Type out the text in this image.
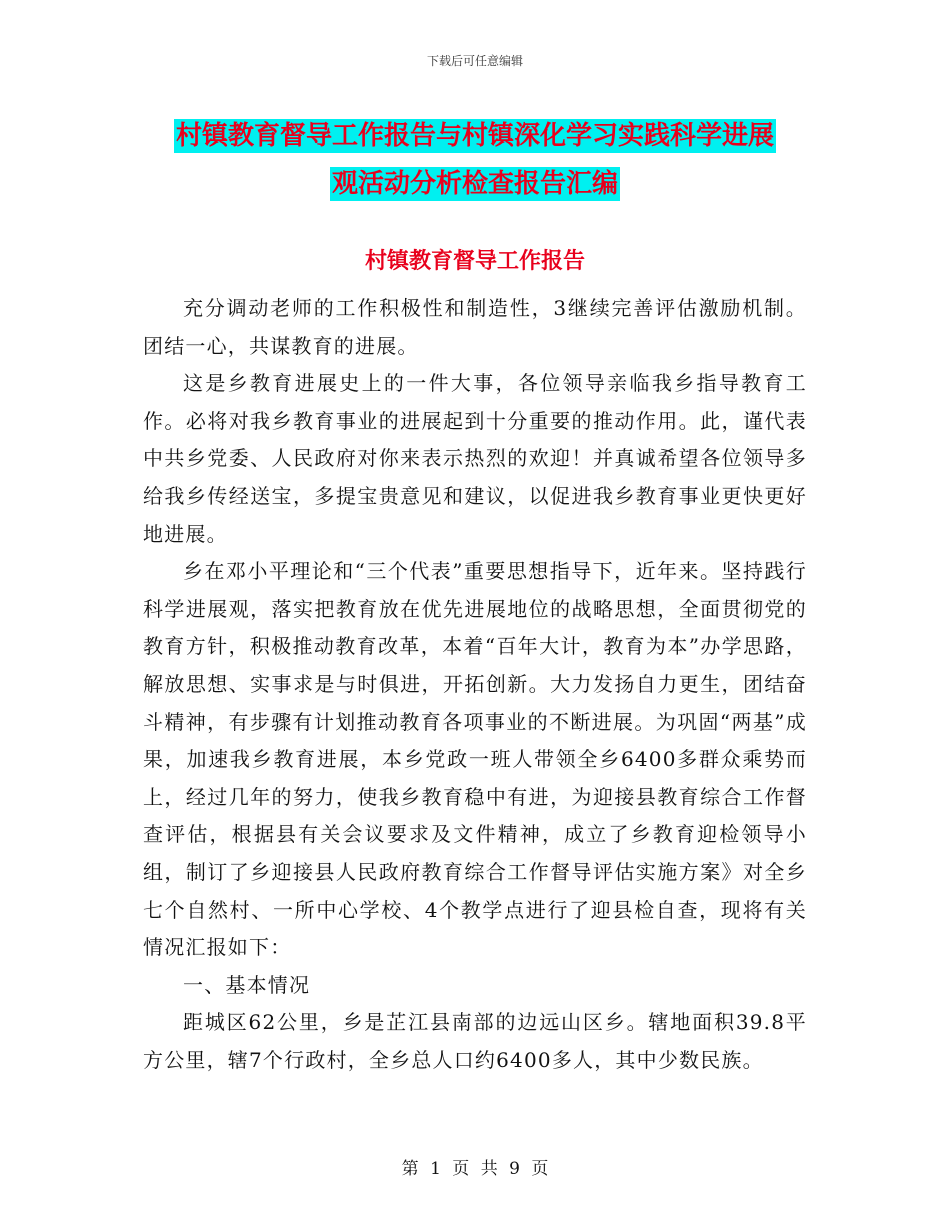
下载后可任意编辑
村镇教育督导工作报告与村镇深化学习实践科学进展
观活动分析检查报告汇编
村镇教育督导工作报告

充分调动老师的工作积极性和制造性，3继续完善评估激励机制。团结一心，共谋教育的进展。

这是乡教育进展史上的一件大事，各位领导亲临我乡指导教育工作。必将对我乡教育事业的进展起到十分重要的推动作用。此，谨代表中共乡党委、人民政府对你来表示热烈的欢迎！并真诚希望各位领导多给我乡传经送宝，多提宝贵意见和建议，以促进我乡教育事业更快更好地进展。

乡在邓小平理论和“三个代表”重要思想指导下，近年来。坚持践行科学进展观，落实把教育放在优先进展地位的战略思想，全面贯彻党的教育方针，积极推动教育改革，本着“百年大计，教育为本”办学思路，解放思想、实事求是与时俱进，开拓创新。大力发扬自力更生，团结奋斗精神，有步骤有计划推动教育各项事业的不断进展。为巩固“两基”成果，加速我乡教育进展，本乡党政一班人带领全乡6400多群众乘势而上，经过几年的努力，使我乡教育稳中有进，为迎接县教育综合工作督查评估，根据县有关会议要求及文件精神，成立了乡教育迎检领导小组，制订了乡迎接县人民政府教育综合工作督导评估实施方案》对全乡七个自然村、一所中心学校、4个教学点进行了迎县检自查，现将有关情况汇报如下：

一、基本情况

距城区62公里，乡是芷江县南部的边远山区乡。辖地面积39.8平方公里，辖7个行政村，全乡总人口约6400多人，其中少数民族。

第 1 页 共 9 页
